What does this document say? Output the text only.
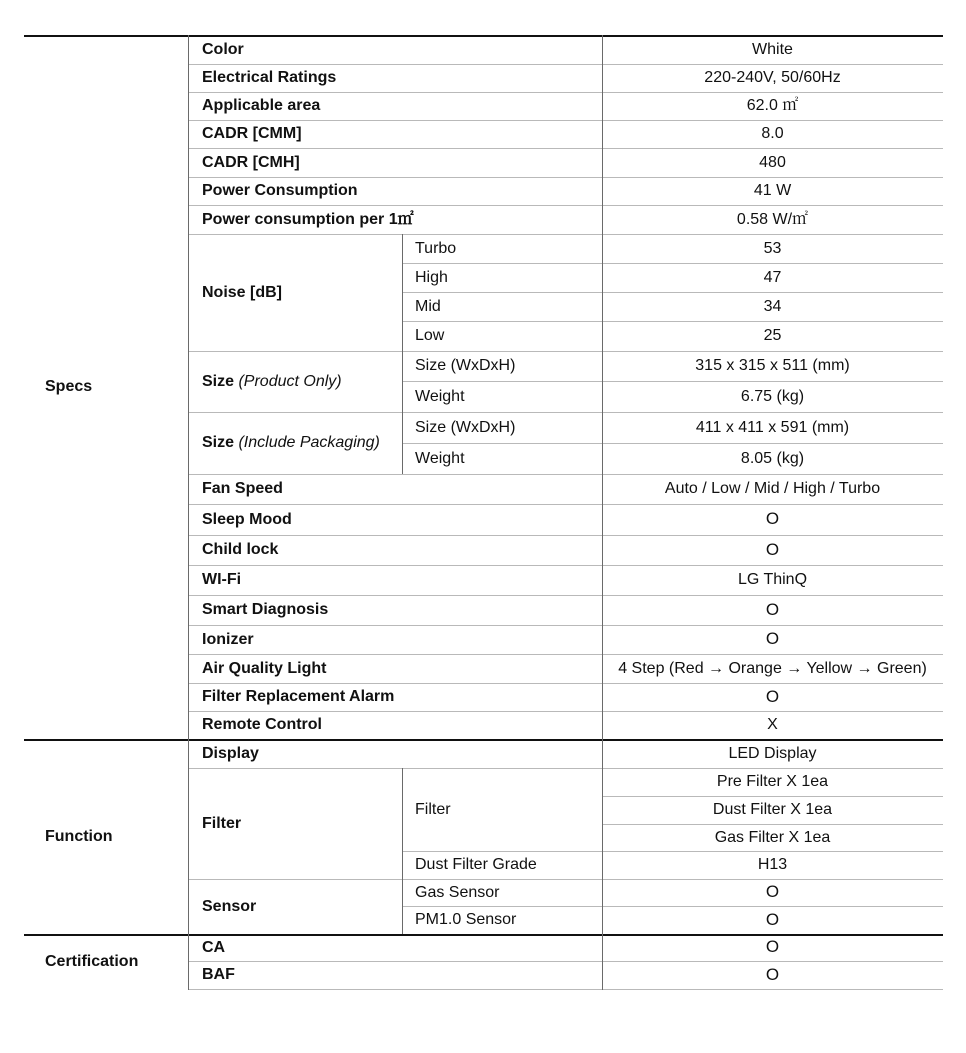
Specs
Function
Certification
Color
Electrical Ratings
Applicable area
CADR [CMM]
CADR [CMH]
Power Consumption
Power consumption per 1㎡
White
220-240V, 50/60Hz
62.0 ㎡
8.0
480
41 W
0.58 W/㎡
Noise [dB]
Turbo
High
Mid
Low
53
47
34
25
Size
(Product Only)
Size (WxDxH)
Weight
315 x 315 x 511 (mm)
6.75 (kg)
Size
(Include Packaging)
Size (WxDxH)
Weight
411 x 411 x 591 (mm)
8.05 (kg)
Fan Speed
Sleep Mood
Child lock
WI-Fi
Smart Diagnosis
Ionizer
Air Quality Light
Filter Replacement Alarm
Remote Control
Auto / Low / Mid / High / Turbo
O
O
LG ThinQ
O
O
4 Step (Red → Orange → Yellow → Green)
O
X
Display	LED Display
Filter
Filter
Pre Filter X 1ea
Dust Filter X 1ea
Gas Filter X 1ea
Dust Filter Grade	H13
Sensor
Gas Sensor
PM1.0 Sensor
O
O
CA
BAF
O
O
